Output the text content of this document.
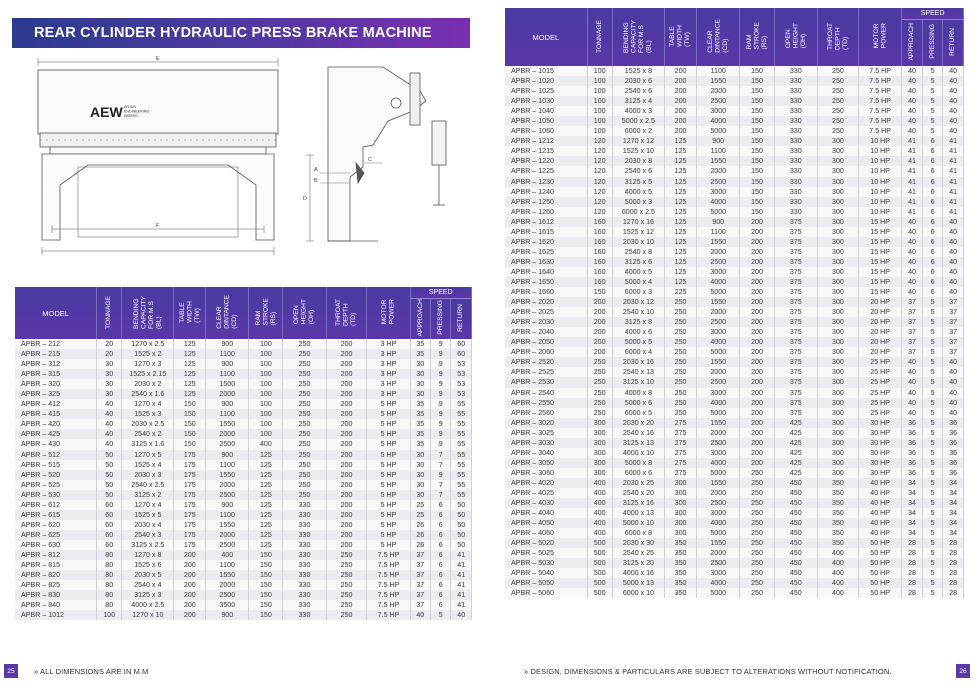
REAR CYLINDER HYDRAULIC PRESS BRAKE MACHINE
E
F
D
A
B
C
AEW ARJUN
ENGINEERING
WORKS
MODEL	TONNAGE	BENDING
CAPACITY
FOR M.S
(BL)	TABLE
WIDTH
(TW)	CLEAR
DINTANCE
(CD)	RAM
STROKE
(RS)	OPEN
HEIGHT
(OH)	THROAT
DEPTH
(TD)	MOTOR
POWER	SPEED		
									APPROACH	PRESSING	RETURN
APBR – 212	20	1270 x 2.5	125	900	100	250	200	3 HP	35	9	60
APBR – 215	20	1525 x 2	125	1100	100	250	200	3 HP	35	9	60
APBR – 312	30	1270 x 3	125	900	100	250	200	3 HP	30	9	53
APBR – 315	30	1525 x 2.15	125	1100	100	250	200	3 HP	30	9	53
APBR – 320	30	2030 x 2	125	1500	100	250	200	3 HP	30	9	53
APBR – 325	30	2540 x 1.6	125	2000	100	250	200	3 HP	30	9	53
APBR – 412	40	1270 x 4	150	900	100	250	200	5 HP	35	9	55
APBR – 415	40	1525 x 3	150	1100	100	250	200	5 HP	35	9	55
APBR – 420	40	2030 x 2.5	150	1550	100	250	200	5 HP	35	9	55
APBR – 425	40	2540 x 2	150	2000	100	250	200	5 HP	35	9	55
APBR – 430	40	3125 x 1.6	150	2500	400	250	200	5 HP	35	9	55
APBR – 512	50	1270 x 5	175	900	125	250	200	5 HP	30	7	55
APBR – 515	50	1525 x 4	175	1100	125	250	200	5 HP	30	7	55
APBR – 520	50	2030 x 3	175	1550	125	250	200	5 HP	30	9	55
APBR – 525	50	2540 x 2.5	175	2000	125	250	200	5 HP	30	7	55
APBR – 530	50	3125 x 2	175	2500	125	250	200	5 HP	30	7	55
APBR – 612	60	1270 x 4	175	900	125	330	200	5 HP	25	6	50
APBR – 615	60	1525 x 5	175	1100	125	330	200	5 HP	25	6	50
APBR – 620	60	2030 x 4	175	1550	125	330	200	5 HP	26	6	50
APBR – 625	60	2540 x 3	175	2000	125	330	200	5 HP	26	6	50
APBR – 630	60	3125 x 2.5	175	2500	125	330	200	5 HP	26	6	50
APBR – 812	80	1270 x 8	200	400	150	330	250	7.5 HP	37	6	41
APBR – 815	80	1525 x 6	200	1100	150	330	250	7.5 HP	37	6	41
APBR – 820	80	2030 x 5	200	1550	150	330	250	7.5 HP	37	6	41
APBR – 825	80	2540 x 4	200	2000	150	330	250	7.5 HP	37	6	41
APBR – 830	80	3125 x 3	200	2500	150	330	250	7.5 HP	37	6	41
APBR – 840	80	4000 x 2.5	200	3500	150	330	250	7.5 HP	37	6	41
APBR – 1012	100	1270 x 10	200	900	150	330	250	7.5 HP	40	5	40
» ALL DIMENSIONS ARE IN M.M
25
MODEL	TONNAGE	BENDING
CAPACITY
FOR M.S
(BL)	TABLE
WIDTH
(TW)	CLEAR
DINTANCE
(CD)	RAM
STROKE
(RS)	OPEN
HEIGHT
(OH)	THROAT
DEPTH
(TD)	MOTOR
POWER	SPEED		
									APPROACH	PRESSING	RETURN
APBR – 1015	100	1525 x 8	200	1100	150	330	250	7.5 HP	40	5	40
APBR – 1020	100	2030 x 6	200	1550	150	330	250	7.5 HP	40	5	40
APBR – 1025	100	2540 x 6	200	2000	150	330	250	7.5 HP	40	5	40
APBR – 1030	100	3125 x 4	200	2500	150	330	250	7.5 HP	40	5	40
APBR – 1040	100	4000 x 3	200	3000	150	330	250	7.5 HP	40	5	40
APBR – 1050	100	5000 x 2.5	200	4000	150	330	250	7.5 HP	40	5	40
APBR – 1060	100	6000 x 2	200	5000	150	330	250	7.5 HP	40	5	40
APBR – 1212	120	1270 x 12	125	900	150	330	300	10 HP	41	6	41
APBR – 1215	120	1525 x 10	125	1100	150	330	300	10 HP	41	6	41
APBR – 1220	120	2030 x 8	125	1550	150	330	300	10 HP	41	6	41
APBR – 1225	120	2540 x 6	125	2000	150	330	300	10 HP	41	6	41
APBR – 1230	120	3125 x 5	125	2500	150	330	300	10 HP	41	6	41
APBR – 1240	120	4000 x 5	125	3000	150	330	300	10 HP	41	6	41
APBR – 1250	120	5000 x 3	125	4000	150	330	300	10 HP	41	6	41
APBR – 1260	120	6000 x 2.5	125	5000	150	330	300	10 HP	41	6	41
APBR – 1612	160	1270 x 16	125	900	200	375	300	15 HP	40	6	40
APBR – 1615	160	1525 x 12	125	1100	200	375	300	15 HP	40	6	40
APBR – 1620	160	2030 x 10	125	1550	200	375	300	15 HP	40	6	40
APBR – 1625	160	2540 x 8	125	2000	200	375	300	15 HP	40	6	40
APBR – 1630	160	3125 x 6	125	2500	200	375	300	15 HP	40	6	40
APBR – 1640	160	4000 x 5	125	3000	200	375	300	15 HP	40	6	40
APBR – 1650	160	5000 x 4	125	4000	200	375	300	15 HP	40	6	40
APBR – 1660	150	6000 x 3	225	5000	200	375	300	15 HP	40	6	40
APBR – 2020	200	2030 x 12	250	1550	200	375	300	20 HP	37	5	37
APBR – 2025	200	2540 x 10	250	2000	200	375	300	20 HP	37	5	37
APBR – 2030	200	3125 x 8	250	2500	200	375	300	20 HP	37	5	37
APBR – 2040	200	4000 x 6	250	3000	200	375	300	20 HP	37	5	37
APBR – 2050	200	5000 x 5	250	4000	200	375	300	20 HP	37	5	37
APBR – 2060	200	6000 x 4	250	5000	200	375	300	20 HP	37	5	37
APBR – 2520	250	2030 x 16	250	1550	200	375	300	25 HP	40	5	40
APBR – 2525	250	2540 x 13	250	2000	200	375	300	25 HP	40	5	40
APBR – 2530	250	3125 x 10	250	2500	200	375	300	25 HP	40	5	40
APBR – 2540	250	4000 x 8	250	3000	200	375	300	25 HP	40	5	40
APBR – 2550	250	5000 x 6	250	4000	200	375	300	25 HP	40	5	40
APBR – 2560	250	6000 x 5	250	5000	200	375	300	25 HP	40	5	40
APBR – 3020	300	2030 x 20	275	1550	200	425	300	30 HP	36	5	36
APBR – 3025	300	2540 x 16	275	2000	200	425	300	30 HP	36	5	36
APBR – 3030	300	3125 x 13	275	2500	200	425	300	30 HP	36	5	36
APBR – 3040	300	4000 x 10	275	3000	200	425	300	30 HP	36	5	36
APBR – 3050	300	5000 x 8	275	4000	200	425	300	30 HP	36	5	36
APBR – 3060	300	6000 x 6	275	5000	250	425	300	30 HP	36	5	36
APBR – 4020	400	2030 x 25	300	1550	250	450	350	40 HP	34	5	34
APBR – 4025	400	2540 x 20	300	2000	250	450	350	40 HP	34	5	34
APBR – 4030	400	3125 x 16	300	2500	250	450	350	40 HP	34	5	34
APBR – 4040	400	4000 x 13	300	3000	250	450	350	40 HP	34	5	34
APBR – 4050	400	5000 x 10	300	4000	250	450	350	40 HP	34	5	34
APBR – 4060	400	6000 x 8	300	5000	250	450	350	40 HP	34	5	34
APBR – 5020	500	2030 x 30	350	1550	250	450	350	50 HP	28	5	28
APBR – 5025	500	2540 x 25	350	2000	250	450	400	50 HP	28	5	28
APBR – 5030	500	3125 x 20	350	2500	250	450	400	50 HP	28	5	28
APBR – 5040	500	4000 x 16	350	3000	250	450	400	50 HP	28	5	28
APBR – 5050	500	5000 x 13	350	4000	250	450	400	50 HP	28	5	28
APBR – 5060	500	6000 x 10	350	5000	250	450	400	50 HP	28	5	28
» DESIGN, DIMENSIONS & PARTICULARS ARE SUBJECT TO ALTERATIONS WITHOUT NOTIFICATION.	26
